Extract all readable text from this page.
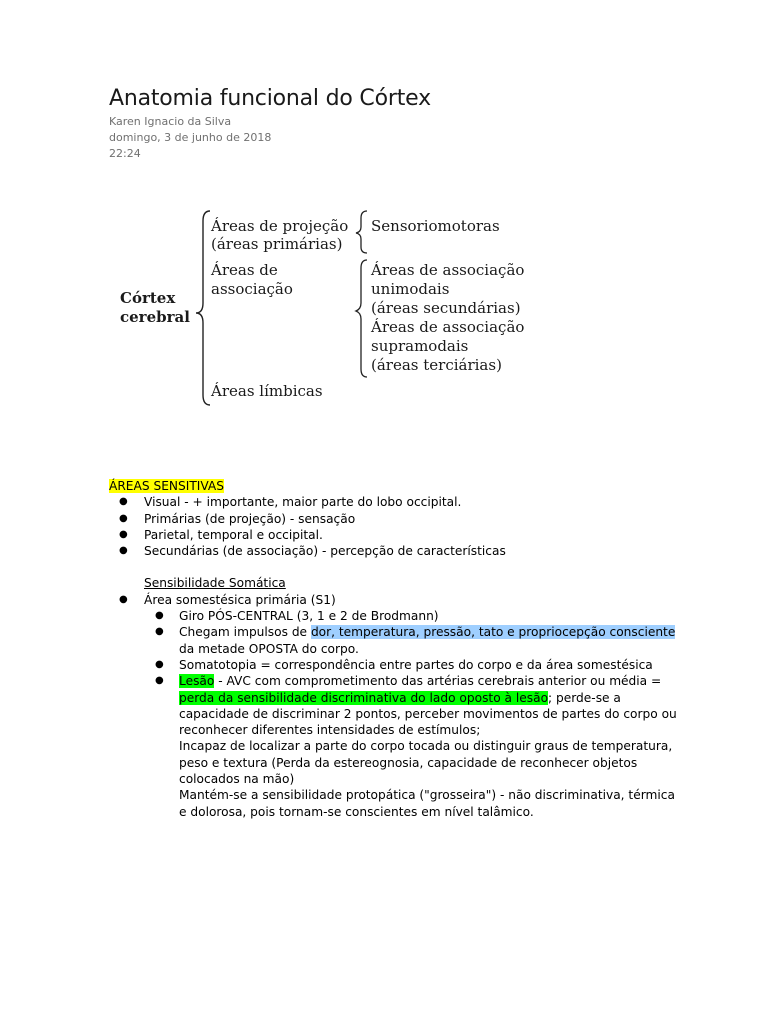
Anatomia funcional do Córtex
Karen Ignacio da Silva
domingo, 3 de junho de 2018
22:24
Córtex
cerebral
Áreas de projeção
(áreas primárias)
Áreas de
associação
Áreas límbicas
Sensoriomotoras
Áreas de associação
unimodais
(áreas secundárias)
Áreas de associação
supramodais
(áreas terciárias)
ÁREAS SENSITIVAS
● Visual - + importante, maior parte do lobo occipital.
● Primárias (de projeção) - sensação
● Parietal, temporal e occipital.
● Secundárias (de associação) - percepção de características
Sensibilidade Somática
● Área somestésica primária (S1)
● Giro PÓS-CENTRAL (3, 1 e 2 de Brodmann)
● Chegam impulsos de dor, temperatura, pressão, tato e propriocepção consciente
da metade OPOSTA do corpo.
● Somatotopia = correspondência entre partes do corpo e da área somestésica
● Lesão - AVC com comprometimento das artérias cerebrais anterior ou média = perda da sensibilidade discriminativa do lado oposto à lesão; perde-se a capacidade de discriminar 2 pontos, perceber movimentos de partes do corpo ou reconhecer diferentes intensidades de estímulos;
Incapaz de localizar a parte do corpo tocada ou distinguir graus de temperatura, peso e textura (Perda da estereognosia, capacidade de reconhecer objetos colocados na mão)
Mantém-se a sensibilidade protopática ("grosseira") - não discriminativa, térmica e dolorosa, pois tornam-se conscientes em nível talâmico.
